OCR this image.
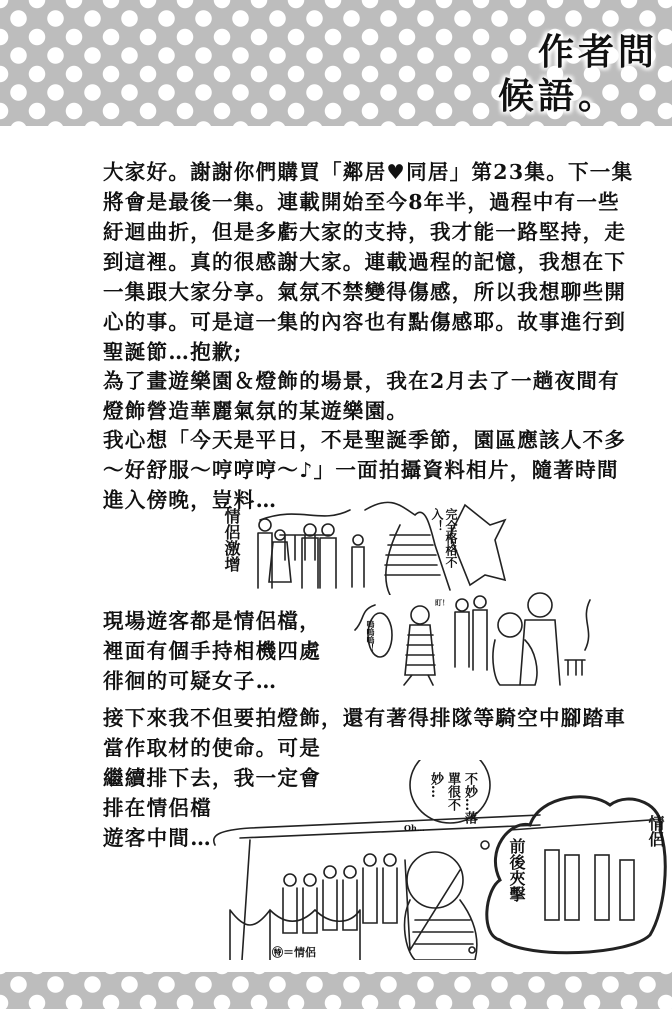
作者問
候語。
大家好。謝謝你們購買「鄰居♥同居」第23集。下一集
將會是最後一集。連載開始至今8年半，過程中有一些
紆迴曲折，但是多虧大家的支持，我才能一路堅持，走
到這裡。真的很感謝大家。連載過程的記憶，我想在下
一集跟大家分享。氣氛不禁變得傷感，所以我想聊些開
心的事。可是這一集的內容也有點傷感耶。故事進行到
聖誕節…抱歉;
為了畫遊樂園＆燈飾的場景，我在2月去了一趟夜間有
燈飾營造華麗氣氛的某遊樂園。
我心想「今天是平日，不是聖誕季節，園區應該人不多
～好舒服～哼哼哼～♪」一面拍攝資料相片，隨著時間
進入傍晚，豈料…
現場遊客都是情侶檔，
裡面有個手持相機四處
徘徊的可疑女子…
接下來我不但要拍燈飾，還有著得排隊等騎空中腳踏車
當作取材的使命。可是
繼續排下去，我一定會
排在情侶檔
遊客中間…
情侶激增	完全格格不入！
嗚嗚嗚！
盯！
不妙…落單很不妙…
Oh…
前後夾擊
情侶
㊕＝情侶
